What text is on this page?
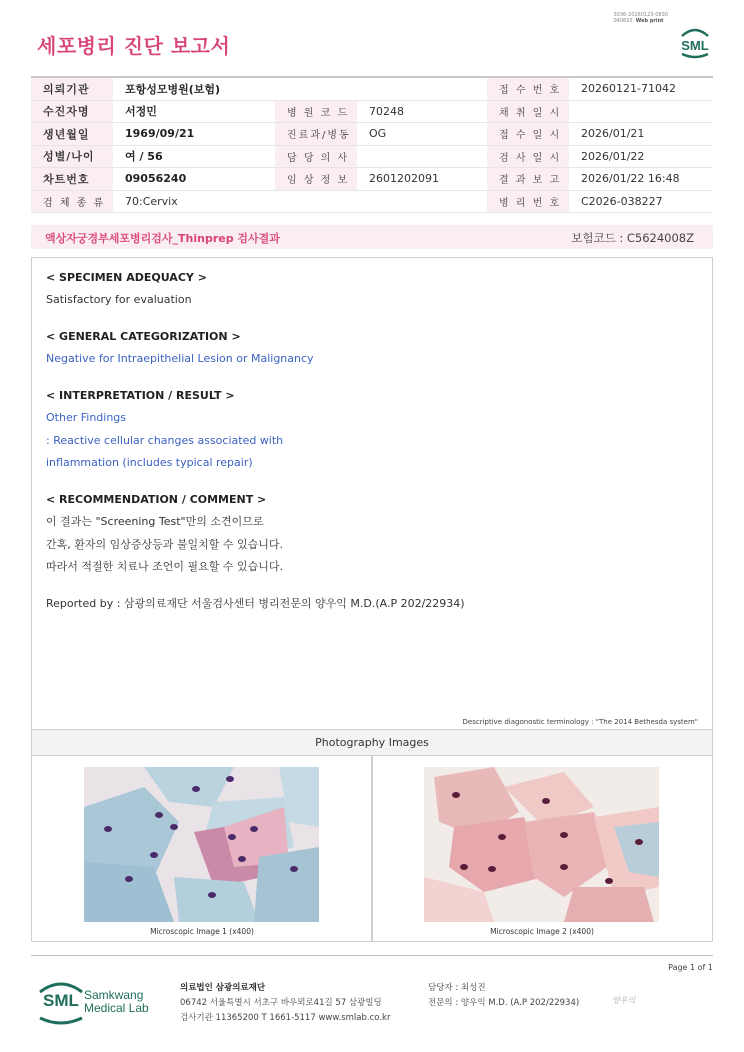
세포병리 진단 보고서
3036-20260123-0830
040822 Web print
SML
의뢰기관	포항성모병원(보험)			접 수 번 호	20260121-71042
수진자명	서정민	병 원 코 드	70248	채 취 일 시	
생년월일	1969/09/21	진료과/병동	OG	접 수 일 시	2026/01/21
성별/나이	여 / 56	담 당 의 사		검 사 일 시	2026/01/22
차트번호	09056240	임 상 정 보	2601202091	결 과 보 고	2026/01/22 16:48
검 체 종 류	70:Cervix			병 리 번 호	C2026-038227
액상자궁경부세포병리검사_Thinprep 검사결과	보험코드 : C5624008Z
< SPECIMEN ADEQUACY >

Satisfactory for evaluation

< GENERAL CATEGORIZATION >

Negative for Intraepithelial Lesion or Malignancy

< INTERPRETATION / RESULT >

Other Findings

: Reactive cellular changes associated with

inflammation (includes typical repair)

< RECOMMENDATION / COMMENT >

이 결과는 "Screening Test"만의 소견이므로

간혹, 환자의 임상증상등과 불일치할 수 있습니다.

따라서 적절한 치료나 조언이 필요할 수 있습니다.

Reported by : 삼광의료재단 서울검사센터 병리전문의 양우익 M.D.(A.P 202/22934)
Descriptive diagonostic terminology : "The 2014 Bethesda system"
Photography Images
Microscopic Image 1 (x400)	Microscopic Image 2 (x400)
Page 1 of 1
SML Samkwang
Medical Lab
의료법인 삼광의료재단
06742 서울특별시 서초구 바우뫼로41길 57 삼광빌딩
검사기관 11365200 T 1661-5117 www.smlab.co.kr
담당자 : 최성진
전문의 : 양우익 M.D. (A.P 202/22934)	양우익
